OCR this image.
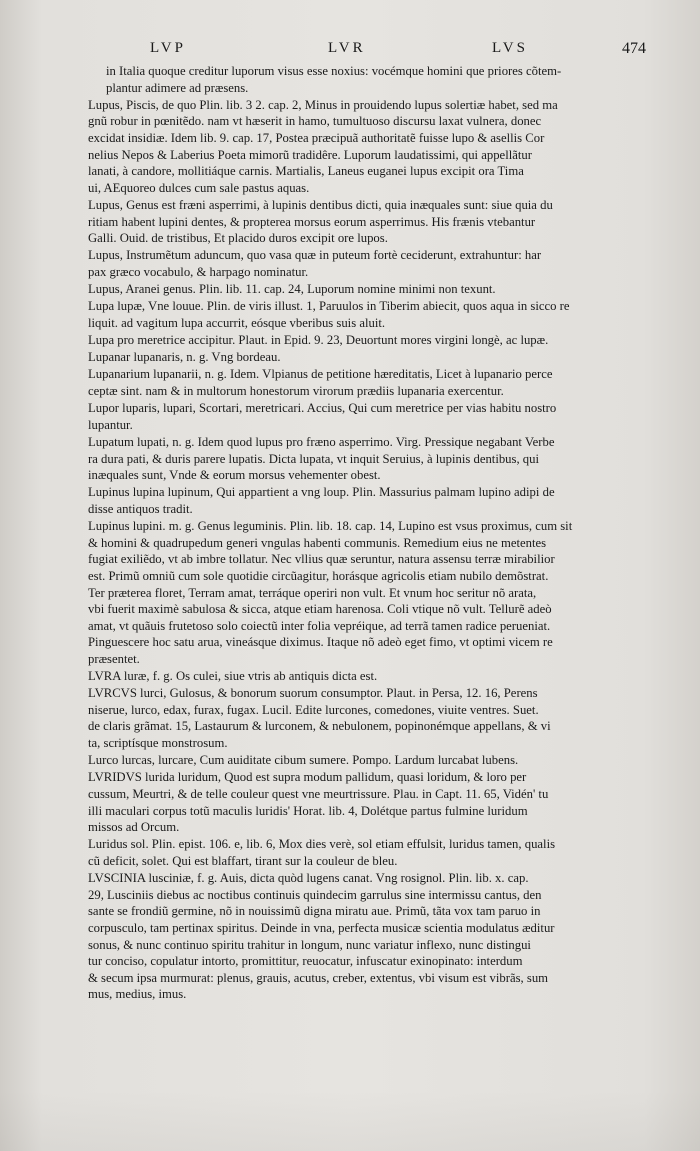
LVP	LVR	LVS	474
in Italia quoque creditur luporum visus esse noxius: vocémque homini que priores cõtem-
plantur adimere ad præsens.
Lupus, Piscis, de quo Plin. lib. 3 2. cap. 2, Minus in prouidendo lupus solertiæ habet, sed ma
gnũ robur in pœnitẽdo. nam vt hæserit in hamo, tumultuoso discursu laxat vulnera, donec
excidat insidiæ. Idem lib. 9. cap. 17, Postea præcipuã authoritatẽ fuisse lupo & asellis Cor
nelius Nepos & Laberius Poeta mimorũ tradidêre. Luporum laudatissimi, qui appellãtur
lanati, à candore, mollitiáque carnis. Martialis, Laneus euganei lupus excipit ora Tima
ui, AEquoreo dulces cum sale pastus aquas.
Lupus, Genus est fræni asperrimi, à lupinis dentibus dicti, quia inæquales sunt: siue quia du
ritiam habent lupini dentes, & propterea morsus eorum asperrimus. His frænis vtebantur
Galli. Ouid. de tristibus, Et placido duros excipit ore lupos.
Lupus, Instrumẽtum aduncum, quo vasa quæ in puteum fortè ceciderunt, extrahuntur: har
pax græco vocabulo, & harpago nominatur.
Lupus, Aranei genus. Plin. lib. 11. cap. 24, Luporum nomine minimi non texunt.
Lupa lupæ, Vne louue. Plin. de viris illust. 1, Paruulos in Tiberim abiecit, quos aqua in sicco re
liquit. ad vagitum lupa accurrit, eósque vberibus suis aluit.
Lupa pro meretrice accipitur. Plaut. in Epid. 9. 23, Deuortunt mores virgini longè, ac lupæ.
Lupanar lupanaris, n. g. Vng bordeau.
Lupanarium lupanarii, n. g. Idem. Vlpianus de petitione hæreditatis, Licet à lupanario perce
ceptæ sint. nam & in multorum honestorum virorum prædiis lupanaria exercentur.
Lupor luparis, lupari, Scortari, meretricari. Accius, Qui cum meretrice per vias habitu nostro
lupantur.
Lupatum lupati, n. g. Idem quod lupus pro fræno asperrimo. Virg. Pressique negabant Verbe
ra dura pati, & duris parere lupatis. Dicta lupata, vt inquit Seruius, à lupinis dentibus, qui
inæquales sunt, Vnde & eorum morsus vehementer obest.
Lupinus lupina lupinum, Qui appartient a vng loup. Plin. Massurius palmam lupino adipi de
disse antiquos tradit.
Lupinus lupini. m. g. Genus leguminis. Plin. lib. 18. cap. 14, Lupino est vsus proximus, cum sit
& homini & quadrupedum generi vngulas habenti communis. Remedium eius ne metentes
fugiat exiliẽdo, vt ab imbre tollatur. Nec vllius quæ seruntur, natura assensu terræ mirabilior
est. Primũ omniũ cum sole quotidie circũagitur, horásque agricolis etiam nubilo demõstrat.
Ter præterea floret, Terram amat, terráque operiri non vult. Et vnum hoc seritur nõ arata,
vbi fuerit maximè sabulosa & sicca, atque etiam harenosa. Coli vtique nõ vult. Tellurẽ adeò
amat, vt quãuis frutetoso solo coiectũ inter folia vepréique, ad terrã tamen radice perueniat.
Pinguescere hoc satu arua, vineásque diximus. Itaque nõ adeò eget fimo, vt optimi vicem re
præsentet.
LVRA luræ, f. g. Os culei, siue vtris ab antiquis dicta est.
LVRCVS lurci, Gulosus, & bonorum suorum consumptor. Plaut. in Persa, 12. 16, Perens
niserue, lurco, edax, furax, fugax. Lucil. Edite lurcones, comedones, viuite ventres. Suet.
de claris grãmat. 15, Lastaurum & lurconem, & nebulonem, popinonémque appellans, & vi
ta, scriptísque monstrosum.
Lurco lurcas, lurcare, Cum auiditate cibum sumere. Pompo. Lardum lurcabat lubens.
LVRIDVS lurida luridum, Quod est supra modum pallidum, quasi loridum, & loro per
cussum, Meurtri, & de telle couleur quest vne meurtrissure. Plau. in Capt. 11. 65, Vidén' tu
illi maculari corpus totũ maculis luridis' Horat. lib. 4, Dolétque partus fulmine luridum
missos ad Orcum.
Luridus sol. Plin. epist. 106. e, lib. 6, Mox dies verè, sol etiam effulsit, luridus tamen, qualis
cũ deficit, solet. Qui est blaffart, tirant sur la couleur de bleu.
LVSCINIA lusciniæ, f. g. Auis, dicta quòd lugens canat. Vng rosignol. Plin. lib. x. cap.
29, Lusciniis diebus ac noctibus continuis quindecim garrulus sine intermissu cantus, den
sante se frondiũ germine, nõ in nouissimũ digna miratu aue. Primũ, tãta vox tam paruo in
corpusculo, tam pertinax spiritus. Deinde in vna, perfecta musicæ scientia modulatus æditur
sonus, & nunc continuo spiritu trahitur in longum, nunc variatur inflexo, nunc distingui
tur conciso, copulatur intorto, promittitur, reuocatur, infuscatur exinopinato: interdum
& secum ipsa murmurat: plenus, grauis, acutus, creber, extentus, vbi visum est vibrãs, sum
mus, medius, imus.
